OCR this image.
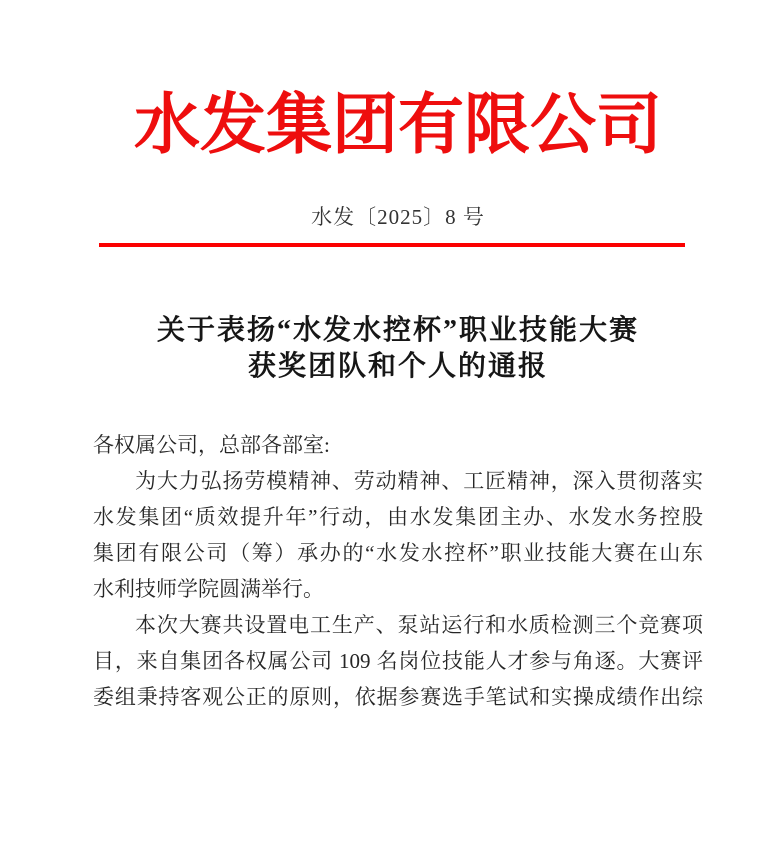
水发集团有限公司
水发〔2025〕8 号
关于表扬“水发水控杯”职业技能大赛
获奖团队和个人的通报
各权属公司，总部各部室:
为大力弘扬劳模精神、劳动精神、工匠精神，深入贯彻落实
水发集团“质效提升年”行动，由水发集团主办、水发水务控股
集团有限公司（筹）承办的“水发水控杯”职业技能大赛在山东
水利技师学院圆满举行。
本次大赛共设置电工生产、泵站运行和水质检测三个竞赛项
目，来自集团各权属公司 109 名岗位技能人才参与角逐。大赛评
委组秉持客观公正的原则，依据参赛选手笔试和实操成绩作出综
